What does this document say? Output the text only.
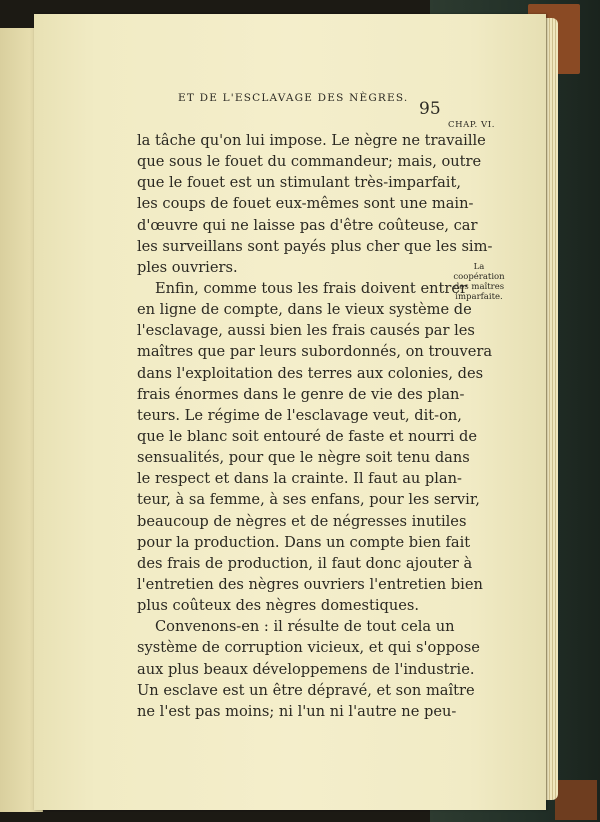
ET DE L'ESCLAVAGE DES NÈGRES.
95
CHAP. VI.
La coopération
des maîtres
imparfaite.
la tâche qu'on lui impose. Le nègre ne travaille
que sous le fouet du commandeur; mais, outre
que le fouet est un stimulant très-imparfait,
les coups de fouet eux-mêmes sont une main-
d'œuvre qui ne laisse pas d'être coûteuse, car
les surveillans sont payés plus cher que les sim-
ples ouvriers.
Enfin, comme tous les frais doivent entrer
en ligne de compte, dans le vieux système de
l'esclavage, aussi bien les frais causés par les
maîtres que par leurs subordonnés, on trouvera
dans l'exploitation des terres aux colonies, des
frais énormes dans le genre de vie des plan-
teurs. Le régime de l'esclavage veut, dit-on,
que le blanc soit entouré de faste et nourri de
sensualités, pour que le nègre soit tenu dans
le respect et dans la crainte. Il faut au plan-
teur, à sa femme, à ses enfans, pour les servir,
beaucoup de nègres et de négresses inutiles
pour la production. Dans un compte bien fait
des frais de production, il faut donc ajouter à
l'entretien des nègres ouvriers l'entretien bien
plus coûteux des nègres domestiques.
Convenons-en : il résulte de tout cela un
système de corruption vicieux, et qui s'oppose
aux plus beaux développemens de l'industrie.
Un esclave est un être dépravé, et son maître
ne l'est pas moins; ni l'un ni l'autre ne peu-
